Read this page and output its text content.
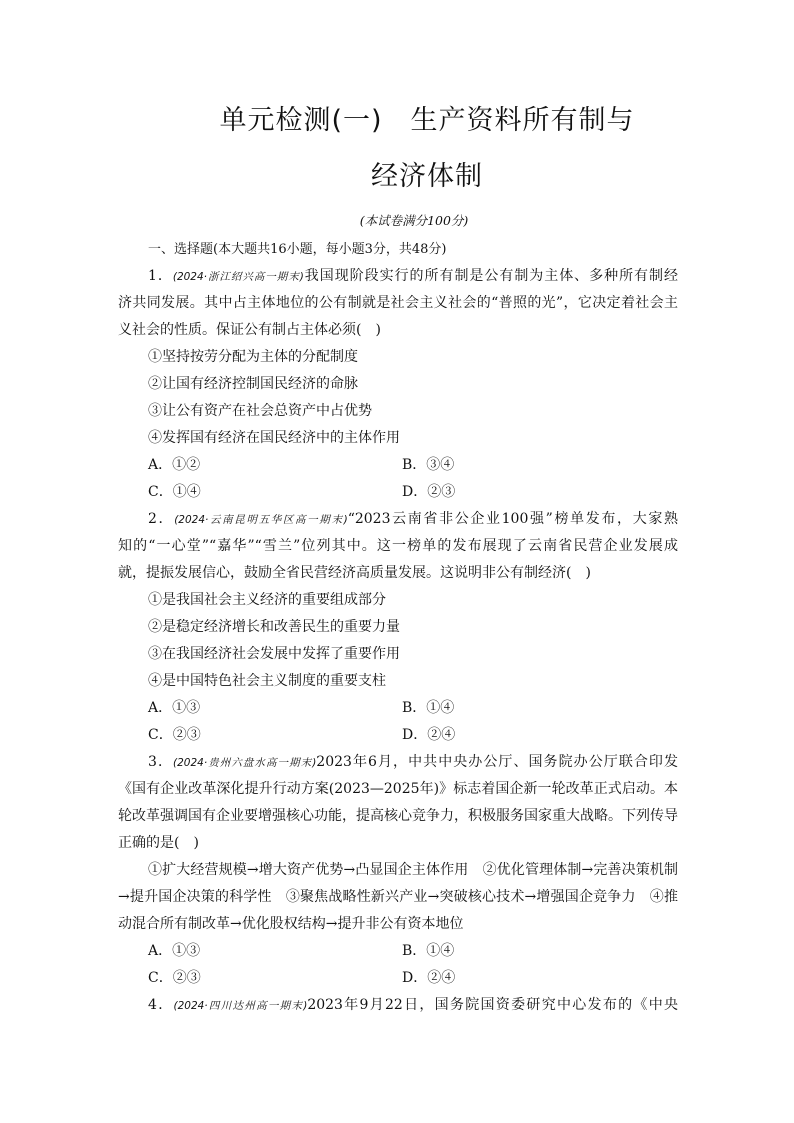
单元检测(一) 生产资料所有制与
经济体制
(本试卷满分100分)
一、选择题(本大题共16小题，每小题3分，共48分)
1．(2024·浙江绍兴高一期末)我国现阶段实行的所有制是公有制为主体、多种所有制经
济共同发展。其中占主体地位的公有制就是社会主义社会的“普照的光”，它决定着社会主
义社会的性质。保证公有制占主体必须(　)
①坚持按劳分配为主体的分配制度
②让国有经济控制国民经济的命脉
③让公有资产在社会总资产中占优势
④发挥国有经济在国民经济中的主体作用
A．①②	B．③④
C．①④	D．②③
2．(2024·云南昆明五华区高一期末)“2023云南省非公企业100强”榜单发布，大家熟
知的“一心堂”“嘉华”“雪兰”位列其中。这一榜单的发布展现了云南省民营企业发展成
就，提振发展信心，鼓励全省民营经济高质量发展。这说明非公有制经济(　)
①是我国社会主义经济的重要组成部分
②是稳定经济增长和改善民生的重要力量
③在我国经济社会发展中发挥了重要作用
④是中国特色社会主义制度的重要支柱
A．①③	B．①④
C．②③	D．②④
3．(2024·贵州六盘水高一期末)2023年6月，中共中央办公厅、国务院办公厅联合印发
《国有企业改革深化提升行动方案(2023—2025年)》标志着国企新一轮改革正式启动。本
轮改革强调国有企业要增强核心功能，提高核心竞争力，积极服务国家重大战略。下列传导
正确的是(　)
①扩大经营规模→增大资产优势→凸显国企主体作用　②优化管理体制→完善决策机制
→提升国企决策的科学性　③聚焦战略性新兴产业→突破核心技术→增强国企竞争力　④推
动混合所有制改革→优化股权结构→提升非公有资本地位
A．①③	B．①④
C．②③	D．②④
4．(2024·四川达州高一期末)2023年9月22日，国务院国资委研究中心发布的《中央
